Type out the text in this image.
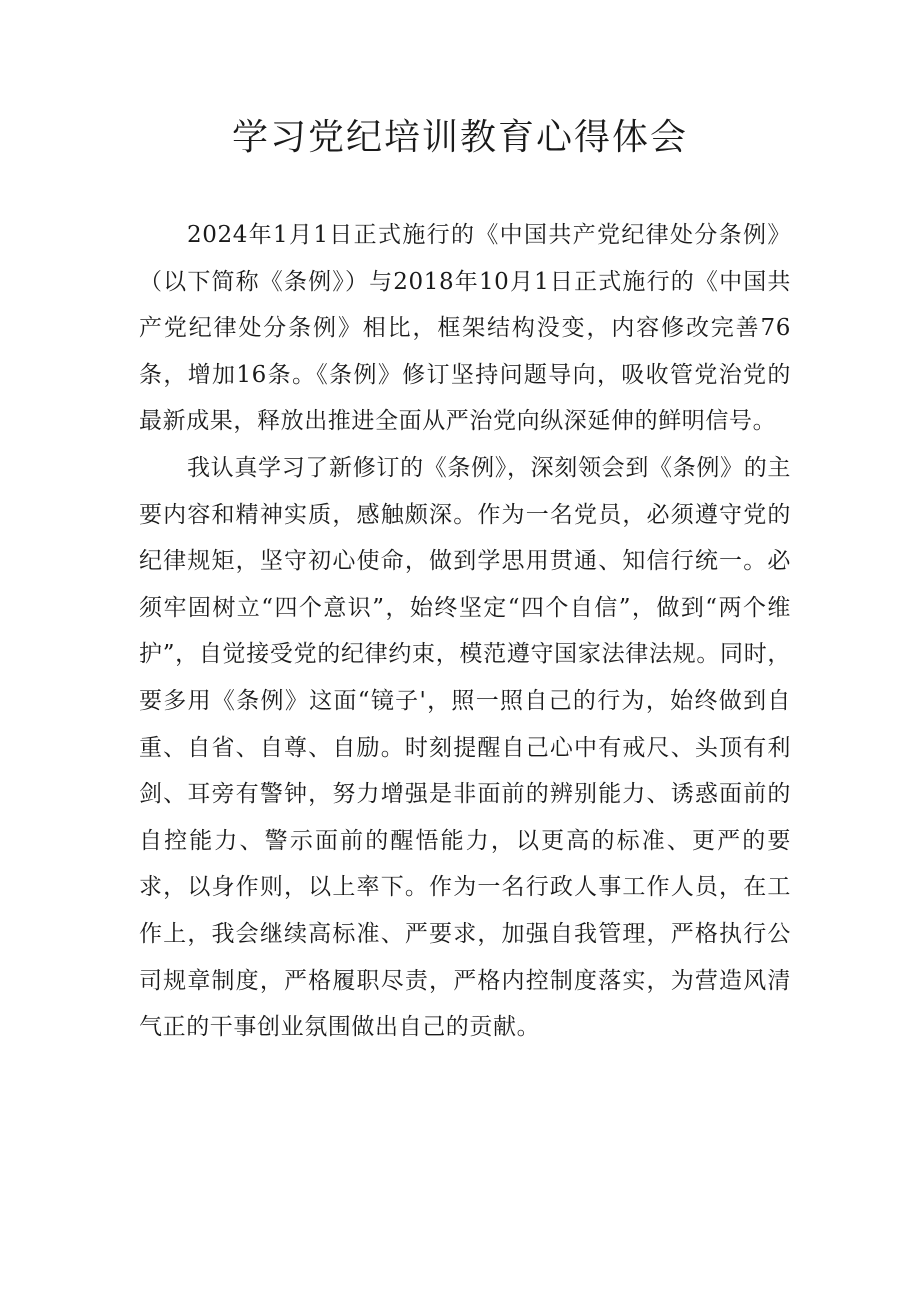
学习党纪培训教育心得体会

2024年1月1日正式施行的《中国共产党纪律处分条例》（以下简称《条例》）与2018年10月1日正式施行的《中国共产党纪律处分条例》相比，框架结构没变，内容修改完善76条，增加16条。《条例》修订坚持问题导向，吸收管党治党的最新成果，释放出推进全面从严治党向纵深延伸的鲜明信号。

我认真学习了新修订的《条例》，深刻领会到《条例》的主要内容和精神实质，感触颇深。作为一名党员，必须遵守党的纪律规矩，坚守初心使命，做到学思用贯通、知信行统一。必须牢固树立“四个意识”，始终坚定“四个自信”，做到“两个维护”，自觉接受党的纪律约束，模范遵守国家法律法规。同时，要多用《条例》这面“镜子'，照一照自己的行为，始终做到自重、自省、自尊、自励。时刻提醒自己心中有戒尺、头顶有利剑、耳旁有警钟，努力增强是非面前的辨别能力、诱惑面前的自控能力、警示面前的醒悟能力，以更高的标准、更严的要求，以身作则，以上率下。作为一名行政人事工作人员，在工作上，我会继续高标准、严要求，加强自我管理，严格执行公司规章制度，严格履职尽责，严格内控制度落实，为营造风清气正的干事创业氛围做出自己的贡献。
